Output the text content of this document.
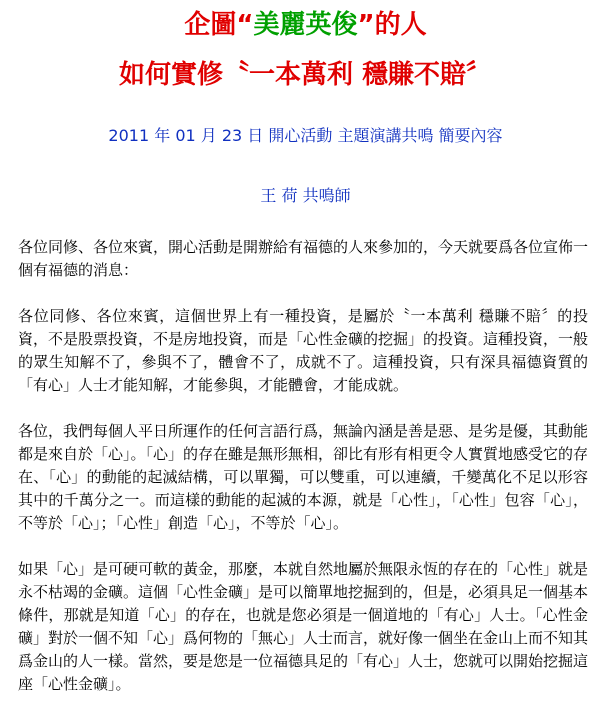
企圖“美麗英俊”的人
如何實修〝一本萬利 穩賺不賠〞
2011 年 01 月 23 日 開心活動 主題演講共鳴 簡要內容
王 荷 共鳴師

各位同修、各位來賓，開心活動是開辦給有福德的人來參加的，今天就要爲各位宣佈一個有福德的消息：

各位同修、各位來賓，這個世界上有一種投資，是屬於〝一本萬利 穩賺不賠〞的投資，不是股票投資，不是房地投資，而是「心性金礦的挖掘」的投資。這種投資，一般的眾生知解不了，參與不了，體會不了，成就不了。這種投資，只有深具福德資質的「有心」人士才能知解，才能參與，才能體會，才能成就。

各位，我們每個人平日所運作的任何言語行爲，無論內涵是善是惡、是劣是優，其動能都是來自於「心」。「心」的存在雖是無形無相，卻比有形有相更令人實質地感受它的存在、「心」的動能的起滅結構，可以單獨，可以雙重，可以連續，千變萬化不足以形容其中的千萬分之一。而這樣的動能的起滅的本源，就是「心性」，「心性」包容「心」，不等於「心」；「心性」創造「心」，不等於「心」。

如果「心」是可硬可軟的黃金，那麼，本就自然地屬於無限永恆的存在的「心性」就是永不枯竭的金礦。這個「心性金礦」是可以簡單地挖掘到的，但是，必須具足一個基本條件，那就是知道「心」的存在，也就是您必須是一個道地的「有心」人士。「心性金礦」對於一個不知「心」爲何物的「無心」人士而言，就好像一個坐在金山上而不知其爲金山的人一樣。當然，要是您是一位福德具足的「有心」人士，您就可以開始挖掘這座「心性金礦」。
